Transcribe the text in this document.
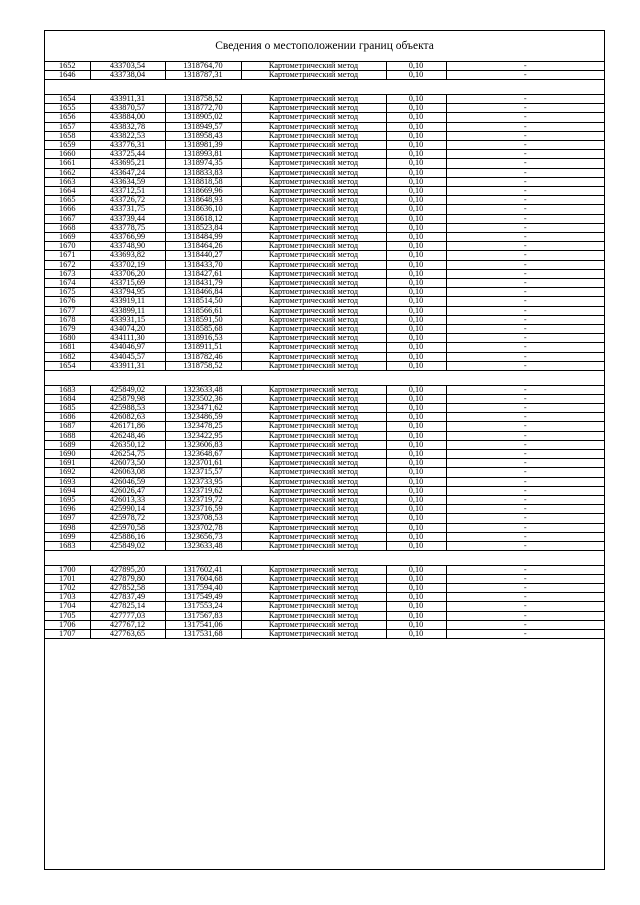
Сведения о местоположении границ объекта
1652	433703,54	1318764,70	Картометрический метод	0,10	-
1646	433738,04	1318787,31	Картометрический метод	0,10	-

1654	433911,31	1318758,52	Картометрический метод	0,10	-
1655	433870,57	1318772,70	Картометрический метод	0,10	-
1656	433884,00	1318905,02	Картометрический метод	0,10	-
1657	433832,78	1318949,57	Картометрический метод	0,10	-
1658	433822,53	1318958,43	Картометрический метод	0,10	-
1659	433776,31	1318981,39	Картометрический метод	0,10	-
1660	433725,44	1318993,81	Картометрический метод	0,10	-
1661	433695,21	1318974,35	Картометрический метод	0,10	-
1662	433647,24	1318833,83	Картометрический метод	0,10	-
1663	433634,59	1318818,58	Картометрический метод	0,10	-
1664	433712,51	1318669,96	Картометрический метод	0,10	-
1665	433726,72	1318648,93	Картометрический метод	0,10	-
1666	433731,75	1318636,10	Картометрический метод	0,10	-
1667	433739,44	1318618,12	Картометрический метод	0,10	-
1668	433778,75	1318523,84	Картометрический метод	0,10	-
1669	433766,99	1318484,99	Картометрический метод	0,10	-
1670	433748,90	1318464,26	Картометрический метод	0,10	-
1671	433693,82	1318440,27	Картометрический метод	0,10	-
1672	433702,19	1318433,70	Картометрический метод	0,10	-
1673	433706,20	1318427,61	Картометрический метод	0,10	-
1674	433715,69	1318431,79	Картометрический метод	0,10	-
1675	433794,95	1318466,84	Картометрический метод	0,10	-
1676	433919,11	1318514,50	Картометрический метод	0,10	-
1677	433899,11	1318566,61	Картометрический метод	0,10	-
1678	433931,15	1318591,50	Картометрический метод	0,10	-
1679	434074,20	1318585,68	Картометрический метод	0,10	-
1680	434111,30	1318916,53	Картометрический метод	0,10	-
1681	434046,97	1318911,51	Картометрический метод	0,10	-
1682	434045,57	1318782,46	Картометрический метод	0,10	-
1654	433911,31	1318758,52	Картометрический метод	0,10	-

1683	425849,02	1323633,48	Картометрический метод	0,10	-
1684	425879,98	1323502,36	Картометрический метод	0,10	-
1685	425988,53	1323471,62	Картометрический метод	0,10	-
1686	426082,63	1323486,59	Картометрический метод	0,10	-
1687	426171,86	1323478,25	Картометрический метод	0,10	-
1688	426248,46	1323422,95	Картометрический метод	0,10	-
1689	426350,12	1323606,83	Картометрический метод	0,10	-
1690	426254,75	1323648,67	Картометрический метод	0,10	-
1691	426073,50	1323701,61	Картометрический метод	0,10	-
1692	426063,08	1323715,57	Картометрический метод	0,10	-
1693	426046,59	1323733,95	Картометрический метод	0,10	-
1694	426026,47	1323719,62	Картометрический метод	0,10	-
1695	426013,33	1323719,72	Картометрический метод	0,10	-
1696	425990,14	1323716,59	Картометрический метод	0,10	-
1697	425978,72	1323708,53	Картометрический метод	0,10	-
1698	425970,58	1323702,78	Картометрический метод	0,10	-
1699	425886,16	1323656,73	Картометрический метод	0,10	-
1683	425849,02	1323633,48	Картометрический метод	0,10	-

1700	427895,20	1317602,41	Картометрический метод	0,10	-
1701	427879,80	1317604,68	Картометрический метод	0,10	-
1702	427852,58	1317594,40	Картометрический метод	0,10	-
1703	427837,49	1317549,49	Картометрический метод	0,10	-
1704	427825,14	1317553,24	Картометрический метод	0,10	-
1705	427777,03	1317567,83	Картометрический метод	0,10	-
1706	427767,12	1317541,06	Картометрический метод	0,10	-
1707	427763,65	1317531,68	Картометрический метод	0,10	-
